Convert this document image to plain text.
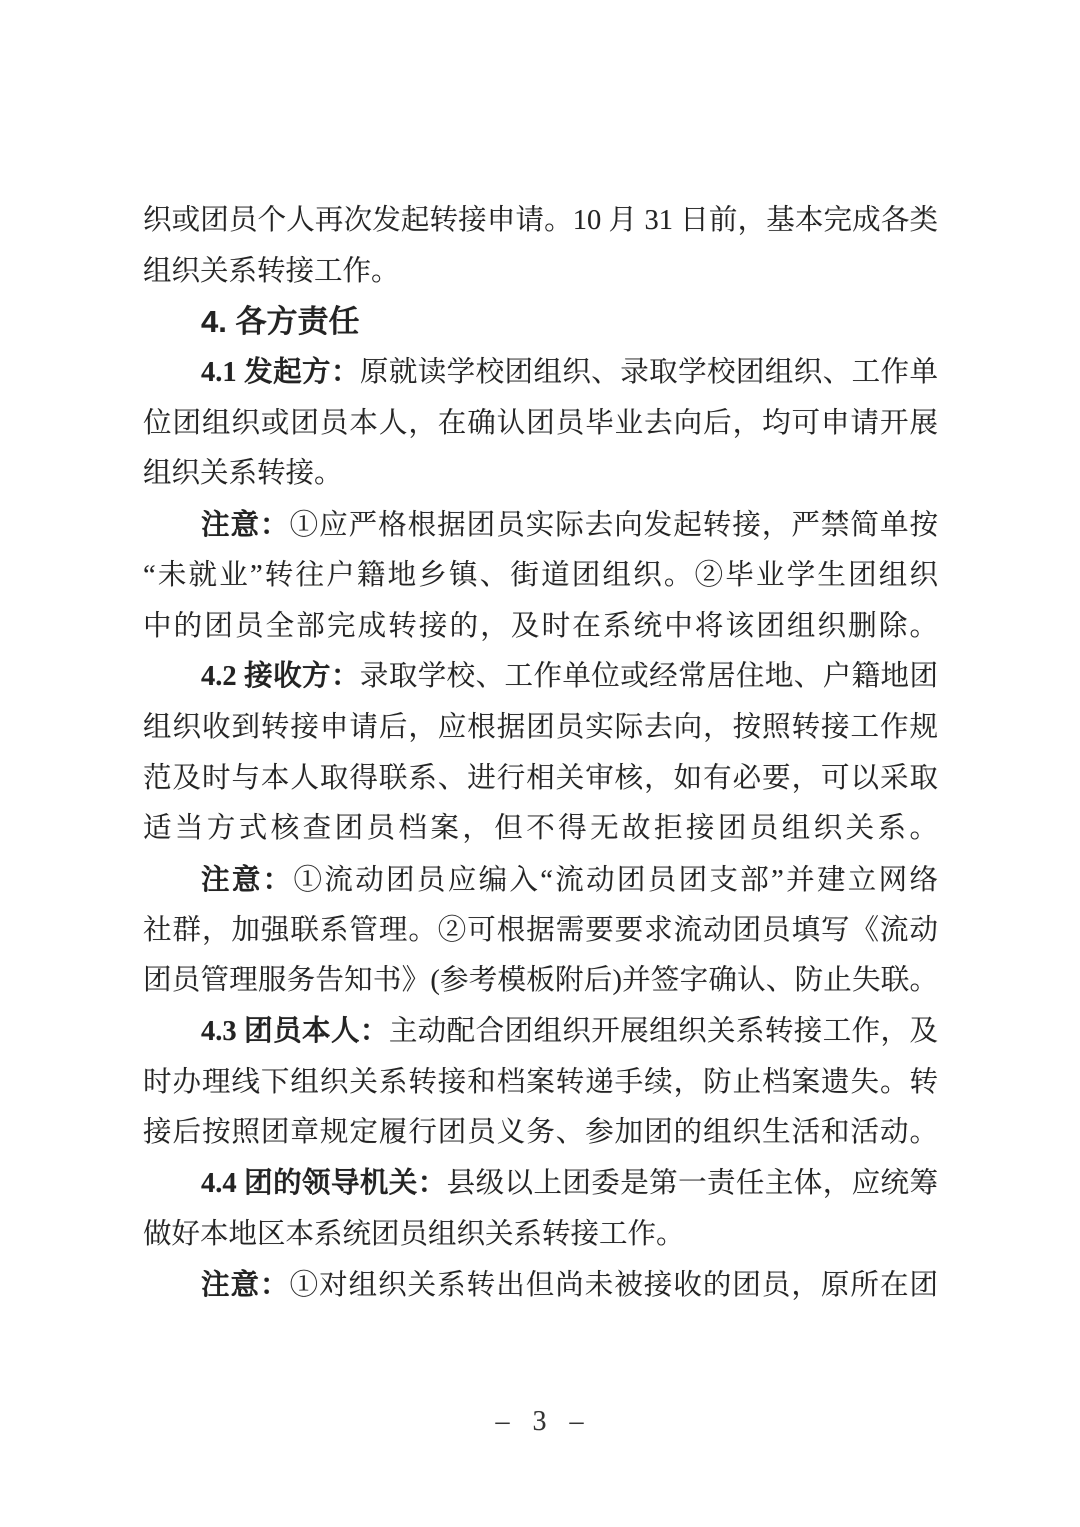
织或团员个人再次发起转接申请。10 月 31 日前，基本完成各类
组织关系转接工作。
4. 各方责任
4.1 发起方：原就读学校团组织、录取学校团组织、工作单
位团组织或团员本人，在确认团员毕业去向后，均可申请开展
组织关系转接。
注意：①应严格根据团员实际去向发起转接，严禁简单按
“未就业”转往户籍地乡镇、街道团组织。②毕业学生团组织
中的团员全部完成转接的，及时在系统中将该团组织删除。
4.2 接收方：录取学校、工作单位或经常居住地、户籍地团
组织收到转接申请后，应根据团员实际去向，按照转接工作规
范及时与本人取得联系、进行相关审核，如有必要，可以采取
适当方式核查团员档案，但不得无故拒接团员组织关系。
注意：①流动团员应编入“流动团员团支部”并建立网络
社群，加强联系管理。②可根据需要要求流动团员填写《流动
团员管理服务告知书》(参考模板附后)并签字确认、防止失联。
4.3 团员本人：主动配合团组织开展组织关系转接工作，及
时办理线下组织关系转接和档案转递手续，防止档案遗失。转
接后按照团章规定履行团员义务、参加团的组织生活和活动。
4.4 团的领导机关：县级以上团委是第一责任主体，应统筹
做好本地区本系统团员组织关系转接工作。
注意：①对组织关系转出但尚未被接收的团员，原所在团
– 3 –
